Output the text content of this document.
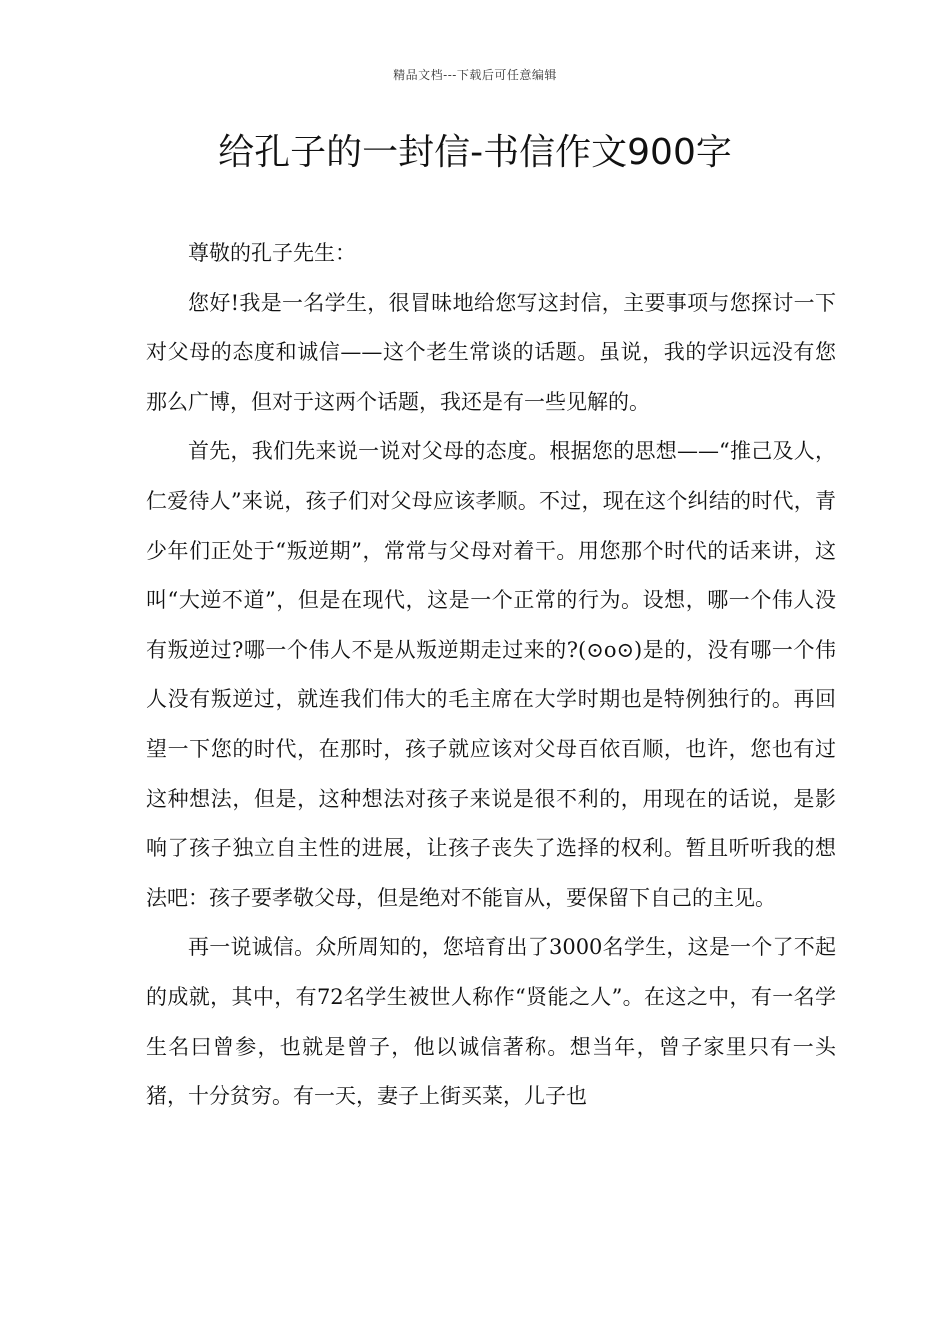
精品文档---下载后可任意编辑
给孔子的一封信-书信作文900字

尊敬的孔子先生：

您好!我是一名学生，很冒昧地给您写这封信，主要事项与您探讨一下对父母的态度和诚信——这个老生常谈的话题。虽说，我的学识远没有您那么广博，但对于这两个话题，我还是有一些见解的。

首先，我们先来说一说对父母的态度。根据您的思想——“推己及人，仁爱待人”来说，孩子们对父母应该孝顺。不过，现在这个纠结的时代，青少年们正处于“叛逆期”，常常与父母对着干。用您那个时代的话来讲，这叫“大逆不道”，但是在现代，这是一个正常的行为。设想，哪一个伟人没有叛逆过?哪一个伟人不是从叛逆期走过来的?(⊙o⊙)是的，没有哪一个伟人没有叛逆过，就连我们伟大的毛主席在大学时期也是特例独行的。再回望一下您的时代，在那时，孩子就应该对父母百依百顺，也许，您也有过这种想法，但是，这种想法对孩子来说是很不利的，用现在的话说，是影响了孩子独立自主性的进展，让孩子丧失了选择的权利。暂且听听我的想法吧：孩子要孝敬父母，但是绝对不能盲从，要保留下自己的主见。

再一说诚信。众所周知的，您培育出了3000名学生，这是一个了不起的成就，其中，有72名学生被世人称作“贤能之人”。在这之中，有一名学生名曰曾参，也就是曾子，他以诚信著称。想当年，曾子家里只有一头猪，十分贫穷。有一天，妻子上街买菜，儿子也
